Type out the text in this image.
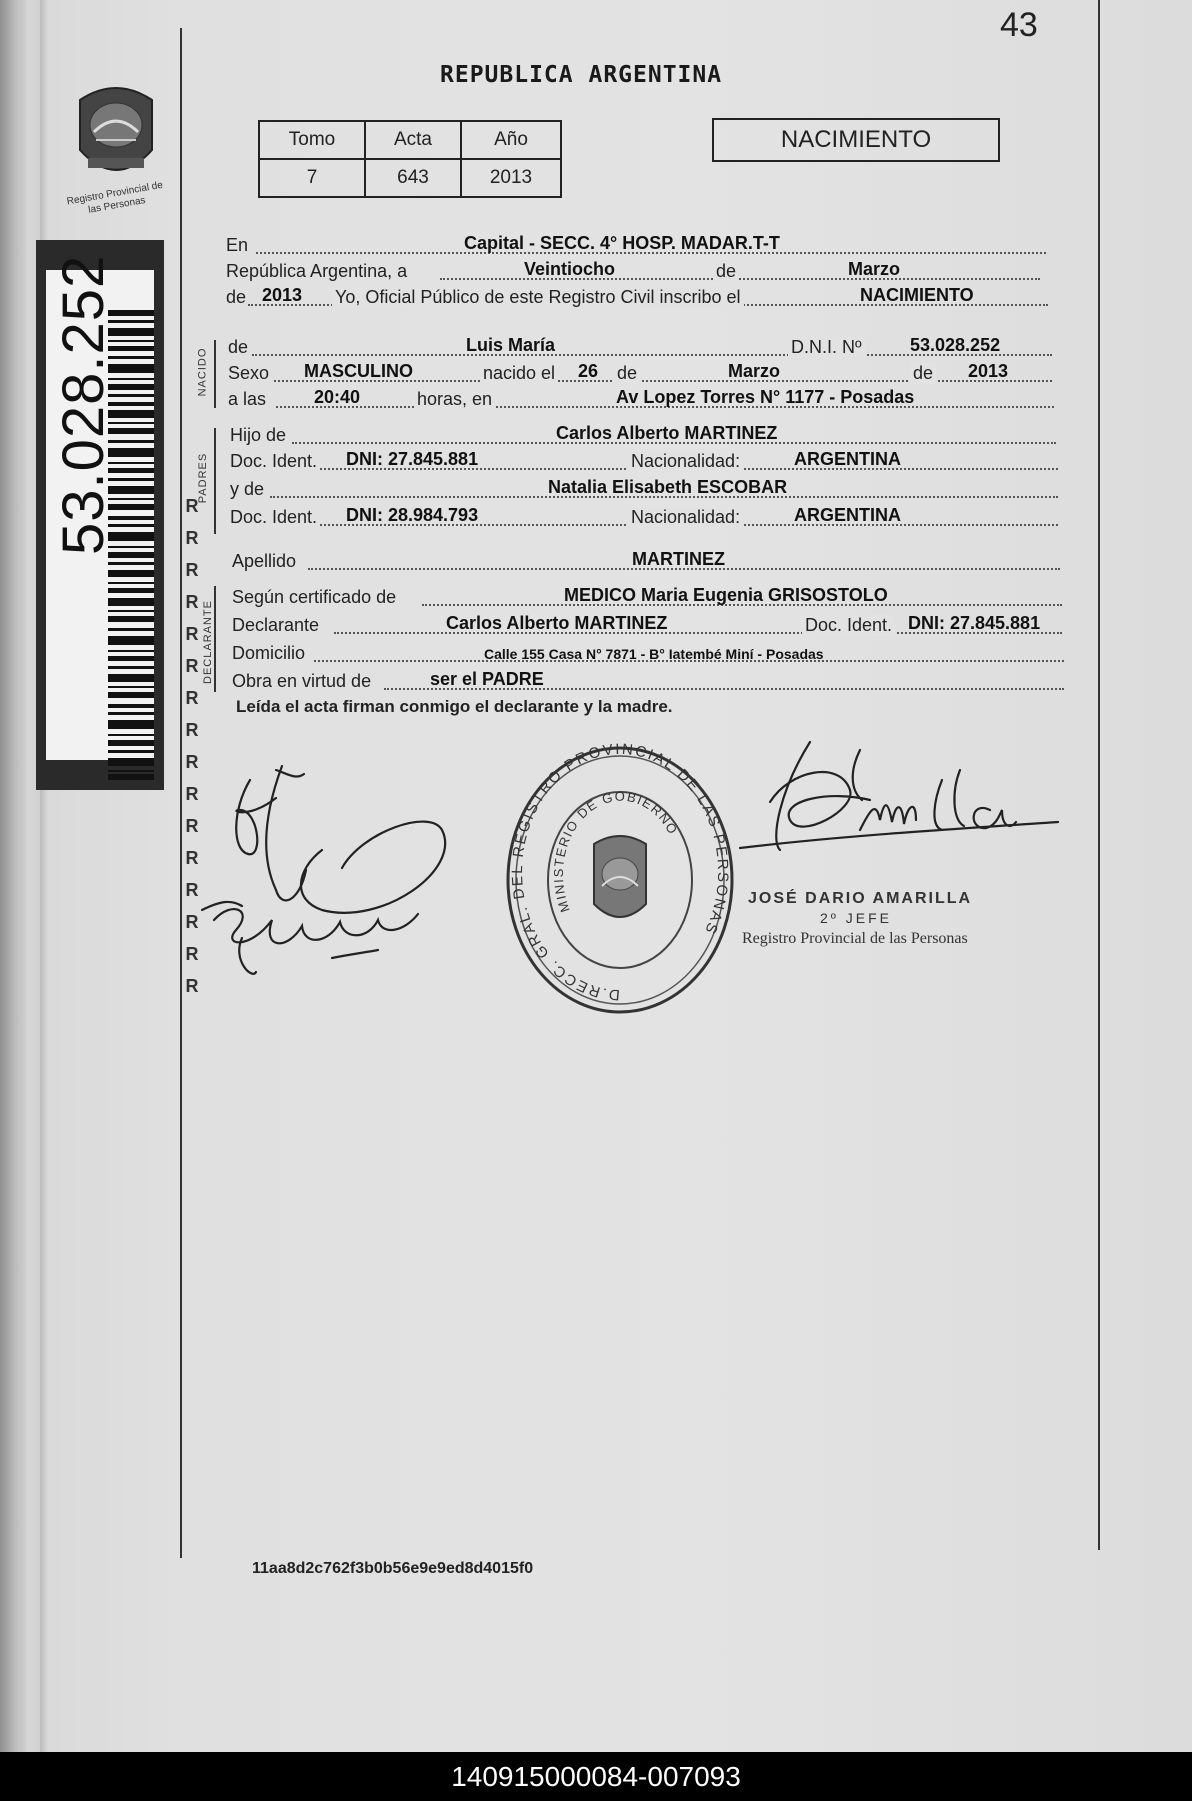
43
REPUBLICA ARGENTINA
Tomo	Acta	Año
7	643	2013
NACIMIENTO
Registro Provincial de las Personas
R
R
R
R
R
R
R
R
R
R
R
R
R
R
R
R
53.028.252	NACIDO
PADRES
DECLARANTE
En	Capital - SECC. 4° HOSP. MADAR.T-T
República Argentina, a	Veintiocho	de	Marzo
de 2013 Yo, Oficial Público de este Registro Civil inscribo el	NACIMIENTO
de	Luis María	D.N.I. Nº	53.028.252
Sexo MASCULINO	nacido el 26 de	Marzo	de 2013
a las	20:40	horas, en	Av Lopez Torres N° 1177 - Posadas
Hijo de	Carlos Alberto MARTINEZ
Doc. Ident. DNI: 27.845.881	Nacionalidad:	ARGENTINA
y de	Natalia Elisabeth ESCOBAR
Doc. Ident. DNI: 28.984.793	Nacionalidad:	ARGENTINA
Apellido	MARTINEZ
Según certificado de	MEDICO Maria Eugenia GRISOSTOLO
Declarante	Carlos Alberto MARTINEZ	Doc. Ident. DNI: 27.845.881
Domicilio	Calle 155 Casa N° 7871 - B° Iatembé Miní - Posadas
Obra en virtud de	ser el PADRE
Leída el acta firman conmigo el declarante y la madre.
D.RECC. GRAL. DEL REGISTRO PROVINCIAL DE LAS PERSONAS
MINISTERIO DE GOBIERNO
JOSÉ DARIO AMARILLA
2º JEFE
Registro Provincial de las Personas
11aa8d2c762f3b0b56e9e9ed8d4015f0
140915000084-007093
